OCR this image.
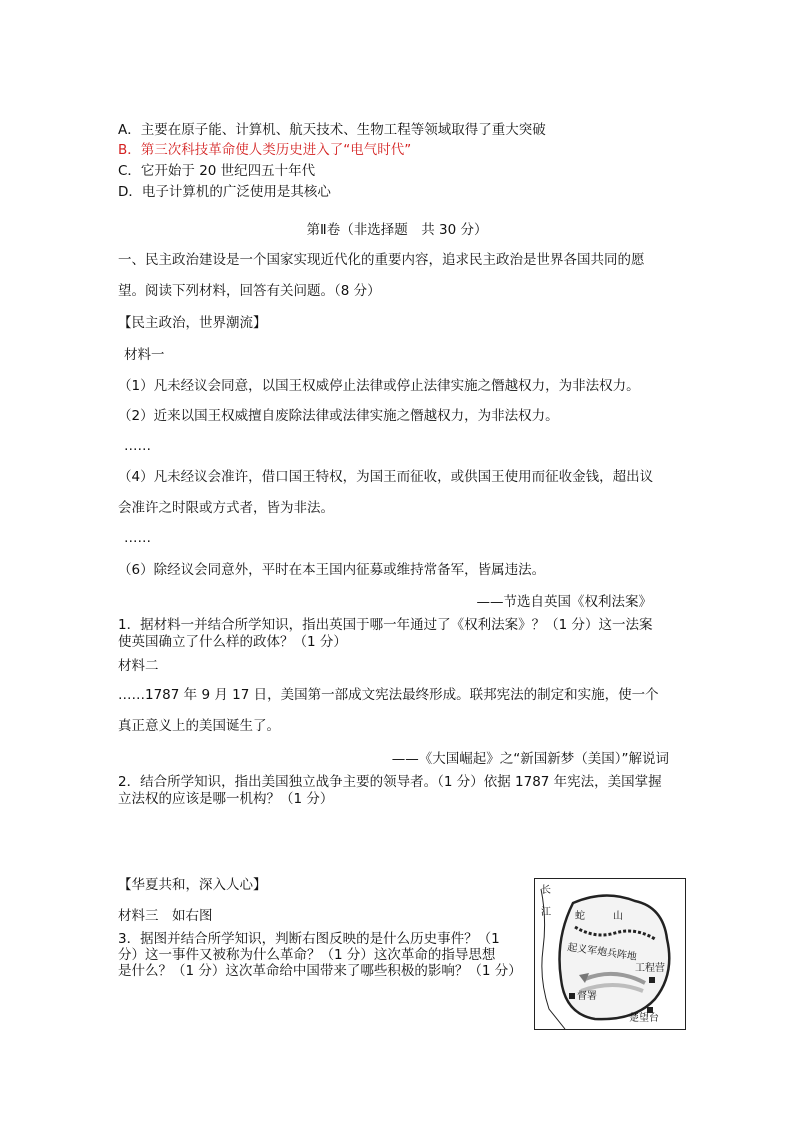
A．主要在原子能、计算机、航天技术、生物工程等领域取得了重大突破
B．第三次科技革命使人类历史进入了“电气时代”
C．它开始于 20 世纪四五十年代
D．电子计算机的广泛使用是其核心
第Ⅱ卷（非选择题　共 30 分）
一、民主政治建设是一个国家实现近代化的重要内容，追求民主政治是世界各国共同的愿
望。阅读下列材料，回答有关问题。（8 分）
【民主政治，世界潮流】
材料一
（1）凡未经议会同意，以国王权威停止法律或停止法律实施之僭越权力，为非法权力。
（2）近来以国王权威擅自废除法律或法律实施之僭越权力，为非法权力。
……
（4）凡未经议会准许，借口国王特权，为国王而征收，或供国王使用而征收金钱，超出议
会准许之时限或方式者，皆为非法。
……
（6）除经议会同意外，平时在本王国内征募或维持常备军，皆属违法。
——节选自英国《权利法案》
1．据材料一并结合所学知识，指出英国于哪一年通过了《权利法案》？（1 分）这一法案
使英国确立了什么样的政体？（1 分）
材料二
……1787 年 9 月 17 日，美国第一部成文宪法最终形成。联邦宪法的制定和实施，使一个
真正意义上的美国诞生了。
——《大国崛起》之“新国新梦（美国）”解说词
2．结合所学知识，指出美国独立战争主要的领导者。（1 分）依据 1787 年宪法，美国掌握
立法权的应该是哪一机构？（1 分）
【华夏共和，深入人心】
材料三　如右图
3．据图并结合所学知识，判断右图反映的是什么历史事件？（1
分）这一事件又被称为什么革命？（1 分）这次革命的指导思想
是什么？（1 分）这次革命给中国带来了哪些积极的影响？（1 分）
长
江 蛇	山
起义军炮兵阵地
工程营
督署
楚望台
